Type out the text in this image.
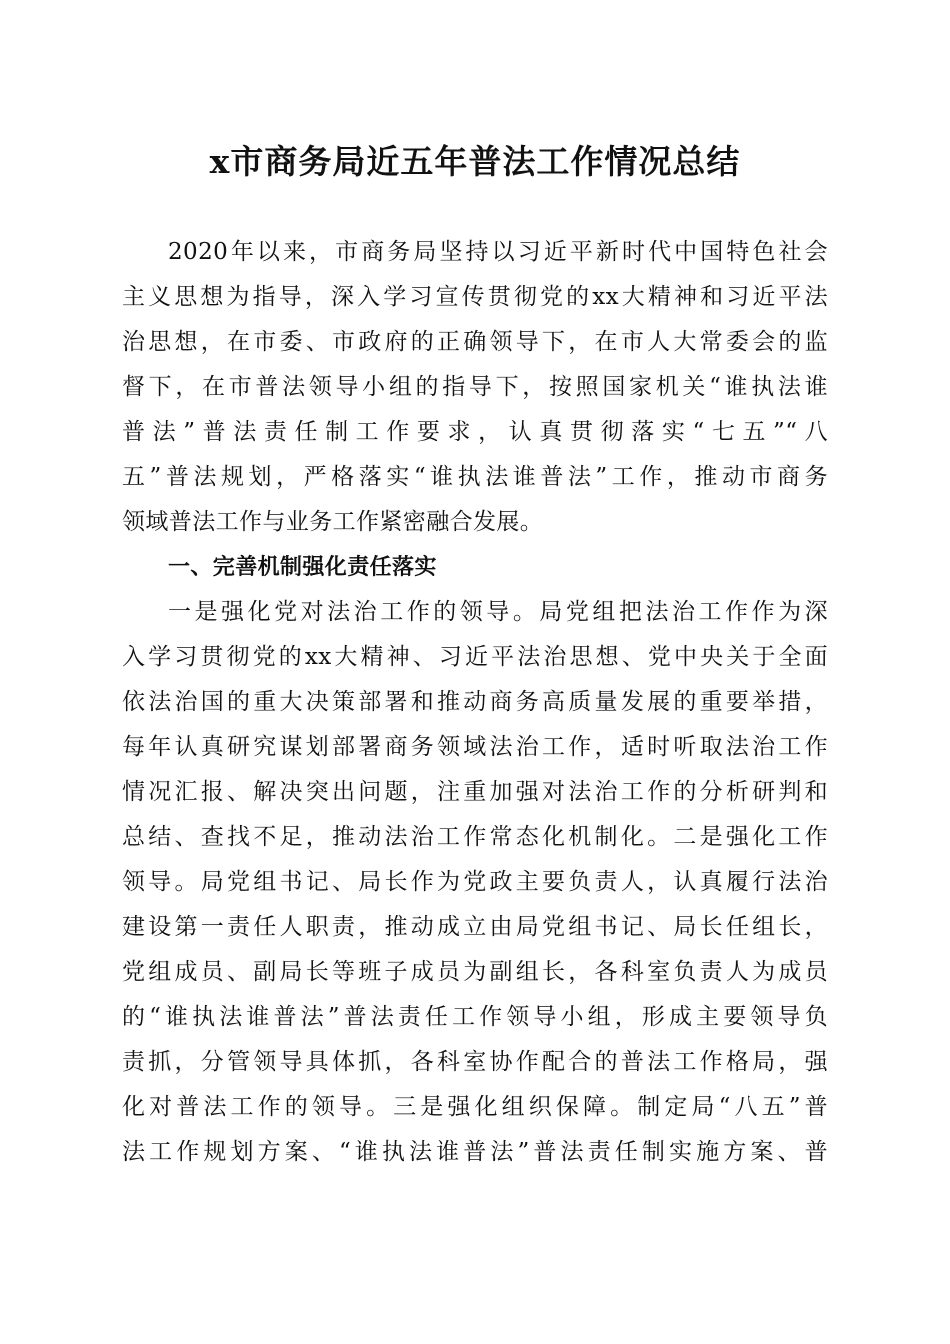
x市商务局近五年普法工作情况总结
2020年以来，市商务局坚持以习近平新时代中国特色社会
主义思想为指导，深入学习宣传贯彻党的xx大精神和习近平法
治思想，在市委、市政府的正确领导下，在市人大常委会的监
督下，在市普法领导小组的指导下，按照国家机关“谁执法谁
普法”普法责任制工作要求，认真贯彻落实“七五”“八
五”普法规划，严格落实“谁执法谁普法”工作，推动市商务
领域普法工作与业务工作紧密融合发展。
一、完善机制强化责任落实
一是强化党对法治工作的领导。局党组把法治工作作为深
入学习贯彻党的xx大精神、习近平法治思想、党中央关于全面
依法治国的重大决策部署和推动商务高质量发展的重要举措，
每年认真研究谋划部署商务领域法治工作，适时听取法治工作
情况汇报、解决突出问题，注重加强对法治工作的分析研判和
总结、查找不足，推动法治工作常态化机制化。二是强化工作
领导。局党组书记、局长作为党政主要负责人，认真履行法治
建设第一责任人职责，推动成立由局党组书记、局长任组长，
党组成员、副局长等班子成员为副组长，各科室负责人为成员
的“谁执法谁普法”普法责任工作领导小组，形成主要领导负
责抓，分管领导具体抓，各科室协作配合的普法工作格局，强
化对普法工作的领导。三是强化组织保障。制定局“八五”普
法工作规划方案、“谁执法谁普法”普法责任制实施方案、普
